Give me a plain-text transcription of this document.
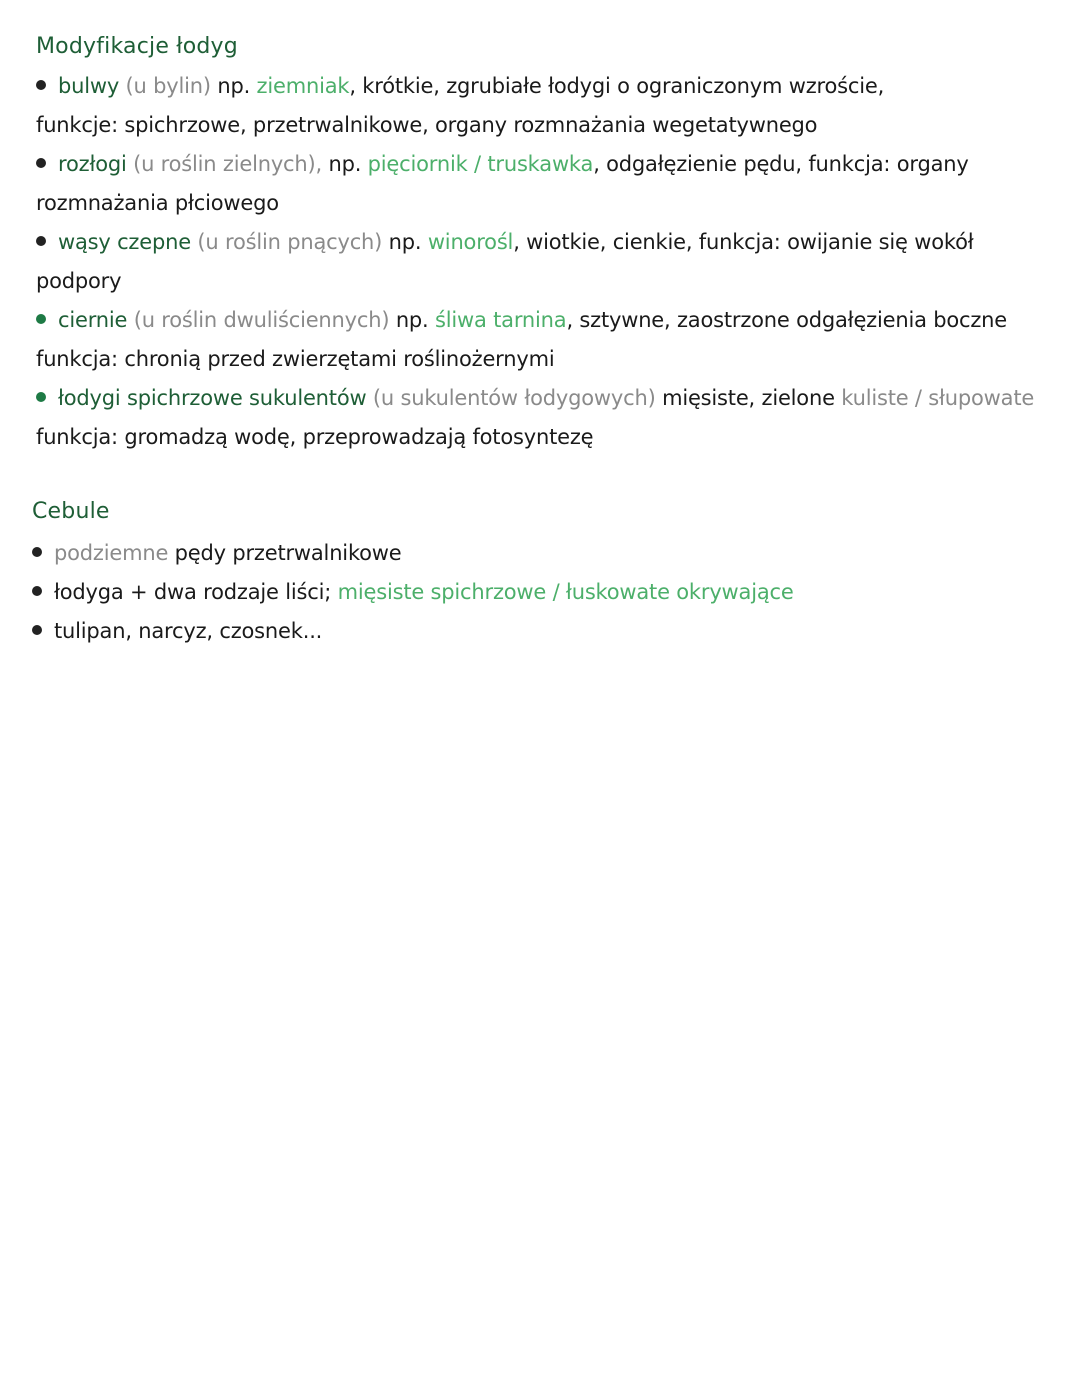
Modyfikacje łodyg
bulwy (u bylin) np. ziemniak, krótkie, zgrubiałe łodygi o ograniczonym wzroście,
funkcje: spichrzowe, przetrwalnikowe, organy rozmnażania wegetatywnego
rozłogi (u roślin zielnych), np. pięciornik / truskawka, odgałęzienie pędu, funkcja: organy
rozmnażania płciowego
wąsy czepne (u roślin pnących) np. winorośl, wiotkie, cienkie, funkcja: owijanie się wokół
podpory
ciernie (u roślin dwuliściennych) np. śliwa tarnina, sztywne, zaostrzone odgałęzienia boczne
funkcja: chronią przed zwierzętami roślinożernymi
łodygi spichrzowe sukulentów (u sukulentów łodygowych) mięsiste, zielone kuliste / słupowate
funkcja: gromadzą wodę, przeprowadzają fotosyntezę
Cebule
podziemne pędy przetrwalnikowe
łodyga + dwa rodzaje liści; mięsiste spichrzowe / łuskowate okrywające
tulipan, narcyz, czosnek...
